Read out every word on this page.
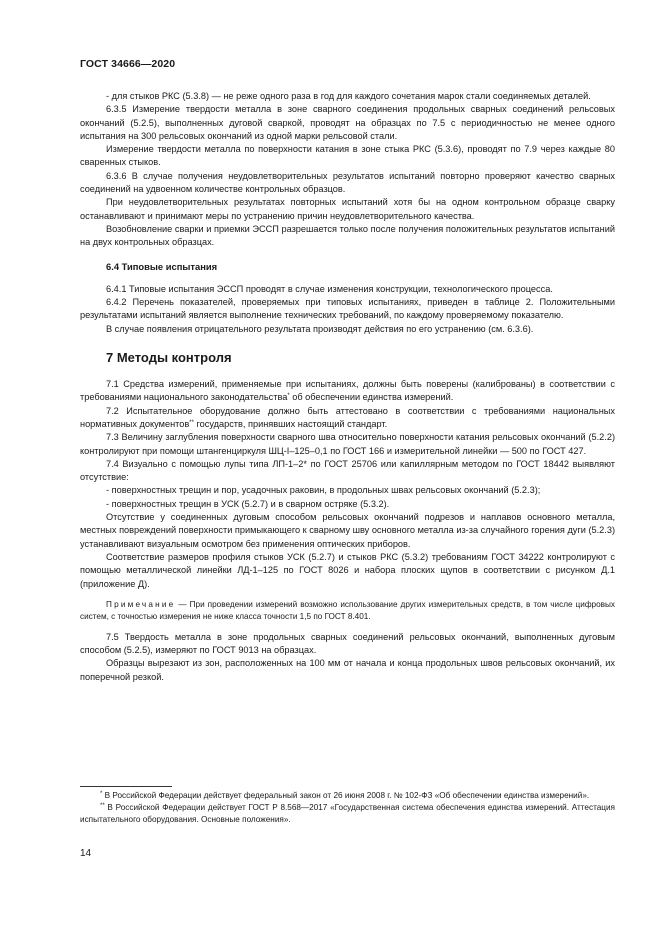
ГОСТ 34666—2020

- для стыков РКС (5.3.8) — не реже одного раза в год для каждого сочетания марок стали соединяемых деталей.

6.3.5 Измерение твердости металла в зоне сварного соединения продольных сварных соединений рельсовых окончаний (5.2.5), выполненных дуговой сваркой, проводят на образцах по 7.5 с периодичностью не менее одного испытания на 300 рельсовых окончаний из одной марки рельсовой стали.

Измерение твердости металла по поверхности катания в зоне стыка РКС (5.3.6), проводят по 7.9 через каждые 80 сваренных стыков.

6.3.6 В случае получения неудовлетворительных результатов испытаний повторно проверяют качество сварных соединений на удвоенном количестве контрольных образцов.

При неудовлетворительных результатах повторных испытаний хотя бы на одном контрольном образце сварку останавливают и принимают меры по устранению причин неудовлетворительного качества.

Возобновление сварки и приемки ЭССП разрешается только после получения положительных результатов испытаний на двух контрольных образцах.

6.4 Типовые испытания

6.4.1 Типовые испытания ЭССП проводят в случае изменения конструкции, технологического процесса.

6.4.2 Перечень показателей, проверяемых при типовых испытаниях, приведен в таблице 2. Положительными результатами испытаний является выполнение технических требований, по каждому проверяемому показателю.

В случае появления отрицательного результата производят действия по его устранению (см. 6.3.6).

7 Методы контроля

7.1 Средства измерений, применяемые при испытаниях, должны быть поверены (калиброваны) в соответствии с требованиями национального законодательства* об обеспечении единства измерений.

7.2 Испытательное оборудование должно быть аттестовано в соответствии с требованиями национальных нормативных документов** государств, принявших настоящий стандарт.

7.3 Величину заглубления поверхности сварного шва относительно поверхности катания рельсовых окончаний (5.2.2) контролируют при помощи штангенциркуля ШЦ-I–125–0,1 по ГОСТ 166 и измерительной линейки — 500 по ГОСТ 427.

7.4 Визуально с помощью лупы типа ЛП-1–2* по ГОСТ 25706 или капиллярным методом по ГОСТ 18442 выявляют отсутствие:

- поверхностных трещин и пор, усадочных раковин, в продольных швах рельсовых окончаний (5.2.3);

- поверхностных трещин в УСК (5.2.7) и в сварном остряке (5.3.2).

Отсутствие у соединенных дуговым способом рельсовых окончаний подрезов и наплавов основного металла, местных повреждений поверхности примыкающего к сварному шву основного металла из-за случайного горения дуги (5.2.3) устанавливают визуальным осмотром без применения оптических приборов.

Соответствие размеров профиля стыков УСК (5.2.7) и стыков РКС (5.3.2) требованиям ГОСТ 34222 контролируют с помощью металлической линейки ЛД-1–125 по ГОСТ 8026 и набора плоских щупов в соответствии с рисунком Д.1 (приложение Д).

Примечание — При проведении измерений возможно использование других измерительных средств, в том числе цифровых систем, с точностью измерения не ниже класса точности 1,5 по ГОСТ 8.401.

7.5 Твердость металла в зоне продольных сварных соединений рельсовых окончаний, выполненных дуговым способом (5.2.5), измеряют по ГОСТ 9013 на образцах.

Образцы вырезают из зон, расположенных на 100 мм от начала и конца продольных швов рельсовых окончаний, их поперечной резкой.

* В Российской Федерации действует федеральный закон от 26 июня 2008 г. № 102-ФЗ «Об обеспечении единства измерений».

** В Российской Федерации действует ГОСТ Р 8.568—2017 «Государственная система обеспечения единства измерений. Аттестация испытательного оборудования. Основные положения».

14
